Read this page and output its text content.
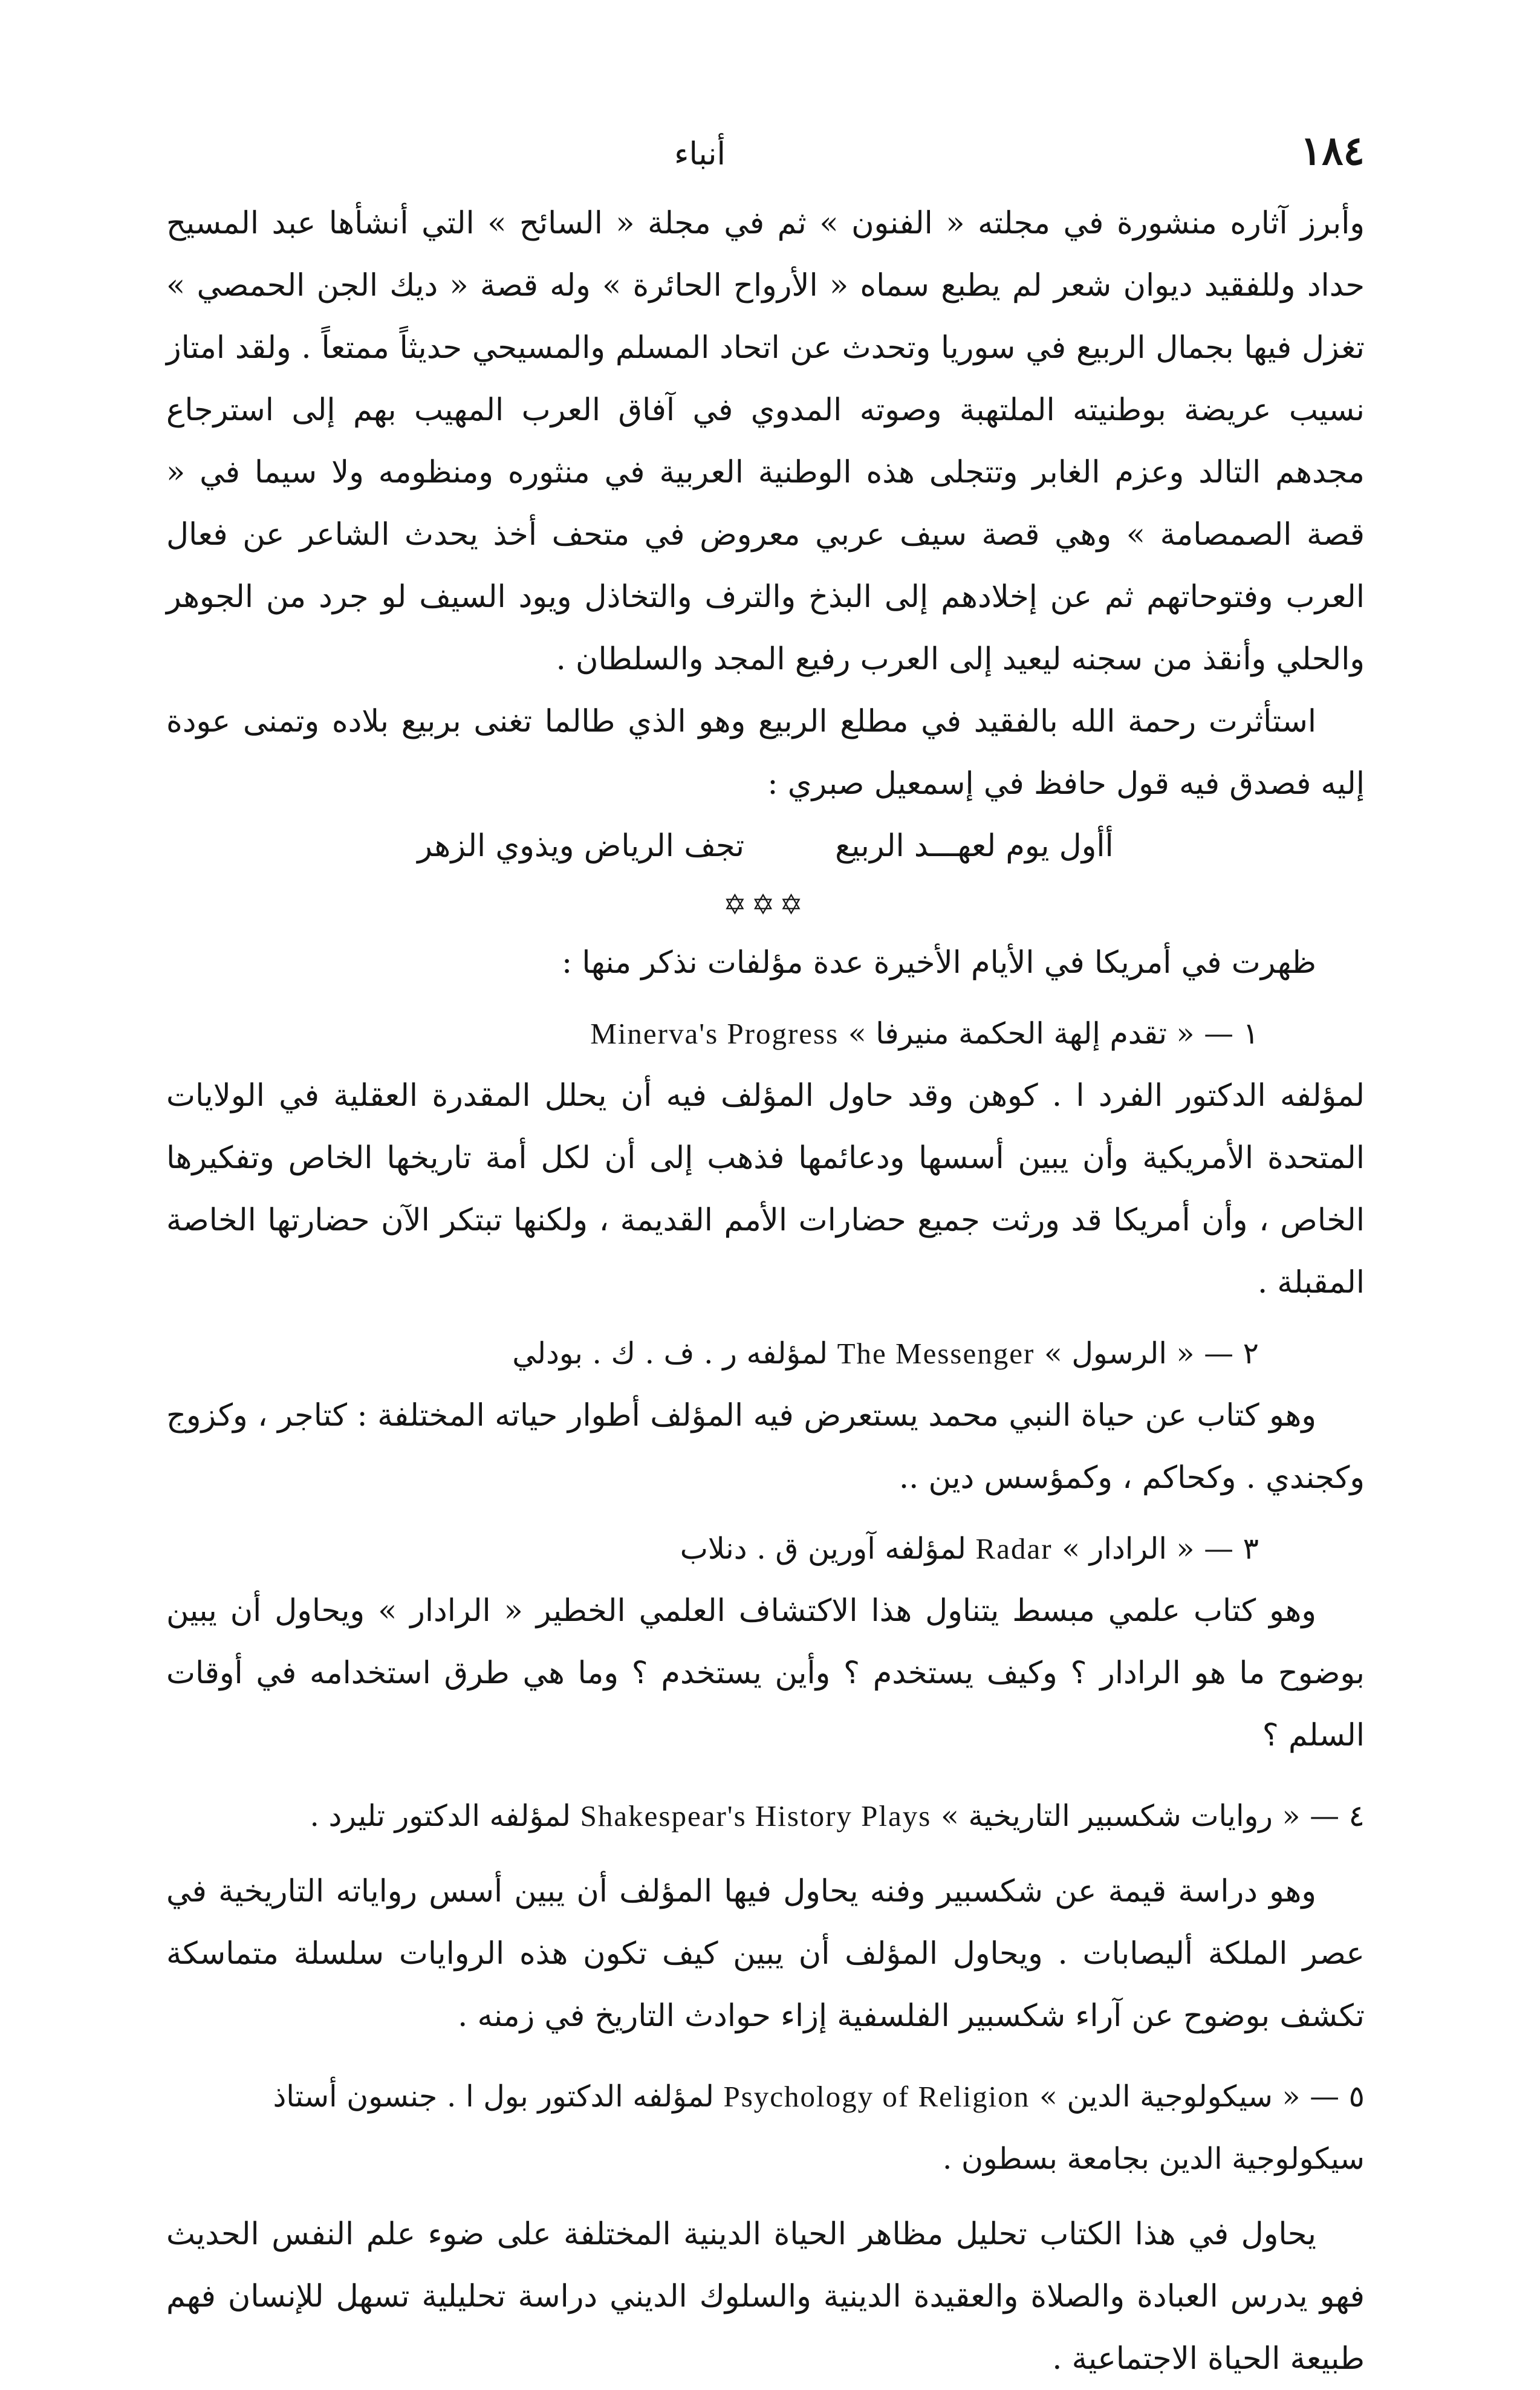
١٨٤
أنباء

وأبرز آثاره منشورة في مجلته « الفنون » ثم في مجلة « السائح » التي أنشأها عبد المسيح حداد وللفقيد ديوان شعر لم يطبع سماه « الأرواح الحائرة » وله قصة « ديك الجن الحمصي » تغزل فيها بجمال الربيع في سوريا وتحدث عن اتحاد المسلم والمسيحي حديثاً ممتعاً . ولقد امتاز نسيب عريضة بوطنيته الملتهبة وصوته المدوي في آفاق العرب المهيب بهم إلى استرجاع مجدهم التالد وعزم الغابر وتتجلى هذه الوطنية العربية في منثوره ومنظومه ولا سيما في « قصة الصمصامة » وهي قصة سيف عربي معروض في متحف أخذ يحدث الشاعر عن فعال العرب وفتوحاتهم ثم عن إخلادهم إلى البذخ والترف والتخاذل ويود السيف لو جرد من الجوهر والحلي وأنقذ من سجنه ليعيد إلى العرب رفيع المجد والسلطان .

استأثرت رحمة الله بالفقيد في مطلع الربيع وهو الذي طالما تغنى بربيع بلاده وتمنى عودة إليه فصدق فيه قول حافظ في إسمعيل صبري :

أأول يوم لعهـــد الربيع
تجف الرياض ويذوي الزهر
✡✡✡

ظهرت في أمريكا في الأيام الأخيرة عدة مؤلفات نذكر منها :

١ — « تقدم إلهة الحكمة منيرفا » Minerva's Progress

لمؤلفه الدكتور الفرد ا . كوهن وقد حاول المؤلف فيه أن يحلل المقدرة العقلية في الولايات المتحدة الأمريكية وأن يبين أسسها ودعائمها فذهب إلى أن لكل أمة تاريخها الخاص وتفكيرها الخاص ، وأن أمريكا قد ورثت جميع حضارات الأمم القديمة ، ولكنها تبتكر الآن حضارتها الخاصة المقبلة .

٢ — « الرسول » The Messenger لمؤلفه ر . ف . ك . بودلي

وهو كتاب عن حياة النبي محمد يستعرض فيه المؤلف أطوار حياته المختلفة : كتاجر ، وكزوج وكجندي . وكحاكم ، وكمؤسس دين ..

٣ — « الرادار » Radar لمؤلفه آورين ق . دنلاب

وهو كتاب علمي مبسط يتناول هذا الاكتشاف العلمي الخطير « الرادار » ويحاول أن يبين بوضوح ما هو الرادار ؟ وكيف يستخدم ؟ وأين يستخدم ؟ وما هي طرق استخدامه في أوقات السلم ؟

٤ — « روايات شكسبير التاريخية » Shakespear's History Plays لمؤلفه الدكتور تليرد .

وهو دراسة قيمة عن شكسبير وفنه يحاول فيها المؤلف أن يبين أسس رواياته التاريخية في عصر الملكة أليصابات . ويحاول المؤلف أن يبين كيف تكون هذه الروايات سلسلة متماسكة تكشف بوضوح عن آراء شكسبير الفلسفية إزاء حوادث التاريخ في زمنه .

٥ — « سيكولوجية الدين » Psychology of Religion لمؤلفه الدكتور بول ا . جنسون أستاذ سيكولوجية الدين بجامعة بسطون .

يحاول في هذا الكتاب تحليل مظاهر الحياة الدينية المختلفة على ضوء علم النفس الحديث فهو يدرس العبادة والصلاة والعقيدة الدينية والسلوك الديني دراسة تحليلية تسهل للإنسان فهم طبيعة الحياة الاجتماعية .
